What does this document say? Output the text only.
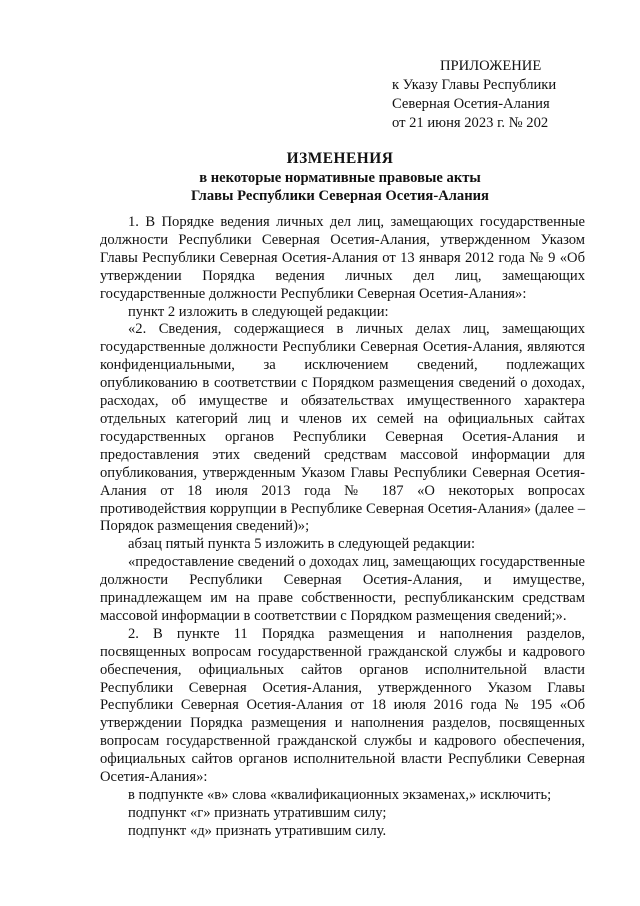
ПРИЛОЖЕНИЕ
к Указу Главы Республики
Северная Осетия-Алания
от 21 июня 2023 г. № 202
ИЗМЕНЕНИЯ
в некоторые нормативные правовые акты
Главы Республики Северная Осетия-Алания

1. В Порядке ведения личных дел лиц, замещающих государственные должности Республики Северная Осетия-Алания, утвержденном Указом Главы Республики Северная Осетия-Алания от 13 января 2012 года № 9 «Об утверждении Порядка ведения личных дел лиц, замещающих государственные должности Республики Северная Осетия-Алания»:

пункт 2 изложить в следующей редакции:

«2. Сведения, содержащиеся в личных делах лиц, замещающих государственные должности Республики Северная Осетия-Алания, являются конфиденциальными, за исключением сведений, подлежащих опубликованию в соответствии с Порядком размещения сведений о доходах, расходах, об имуществе и обязательствах имущественного характера отдельных категорий лиц и членов их семей на официальных сайтах государственных органов Республики Северная Осетия-Алания и предоставления этих сведений средствам массовой информации для опубликования, утвержденным Указом Главы Республики Северная Осетия-Алания от 18 июля 2013 года № 187 «О некоторых вопросах противодействия коррупции в Республике Северная Осетия-Алания» (далее – Порядок размещения сведений)»;

абзац пятый пункта 5 изложить в следующей редакции:

«предоставление сведений о доходах лиц, замещающих государственные должности Республики Северная Осетия-Алания, и имуществе, принадлежащем им на праве собственности, республиканским средствам массовой информации в соответствии с Порядком размещения сведений;».

2. В пункте 11 Порядка размещения и наполнения разделов, посвященных вопросам государственной гражданской службы и кадрового обеспечения, официальных сайтов органов исполнительной власти Республики Северная Осетия-Алания, утвержденного Указом Главы Республики Северная Осетия-Алания от 18 июля 2016 года № 195 «Об утверждении Порядка размещения и наполнения разделов, посвященных вопросам государственной гражданской службы и кадрового обеспечения, официальных сайтов органов исполнительной власти Республики Северная Осетия-Алания»:

в подпункте «в» слова «квалификационных экзаменах,» исключить;

подпункт «г» признать утратившим силу;

подпункт «д» признать утратившим силу.
